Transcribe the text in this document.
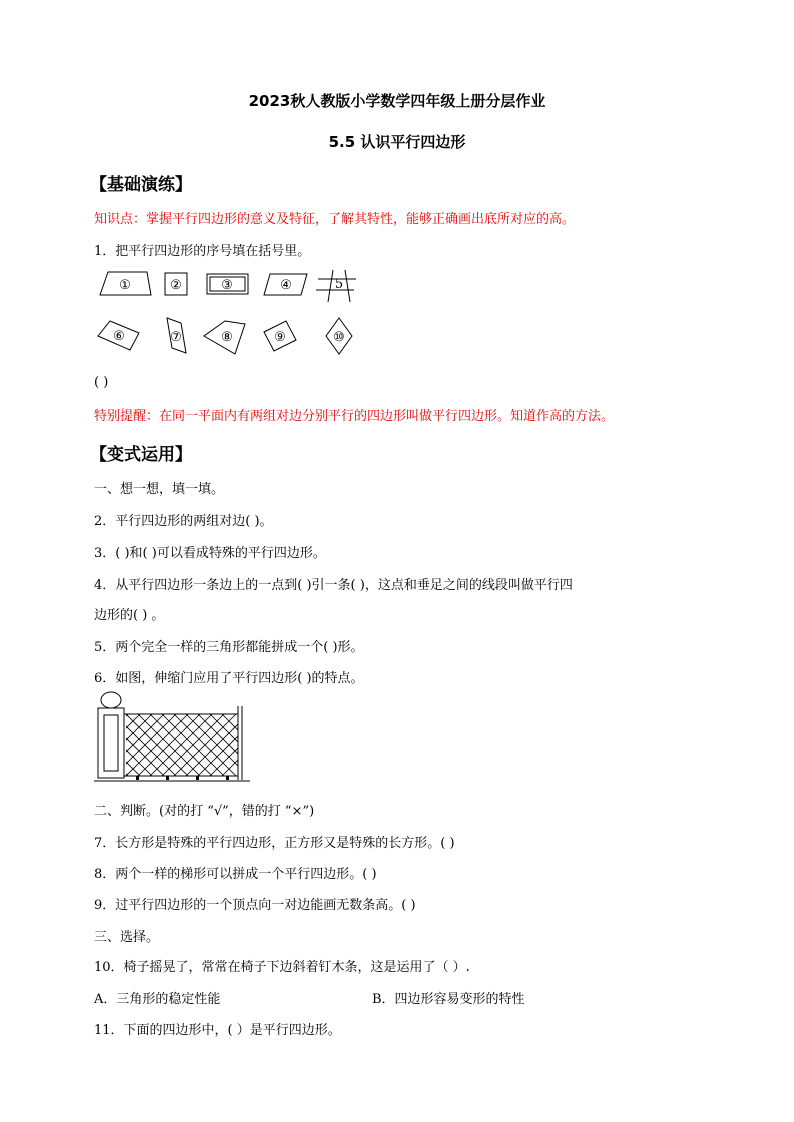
2023秋人教版小学数学四年级上册分层作业
5.5 认识平行四边形
【基础演练】
知识点：掌握平行四边形的意义及特征，了解其特性，能够正确画出底所对应的高。
1．把平行四边形的序号填在括号里。
①	②	③	④	5
⑥	⑦	⑧	⑨	⑩
( )
特别提醒：在同一平面内有两组对边分别平行的四边形叫做平行四边形。知道作高的方法。
【变式运用】
一、想一想，填一填。
2．平行四边形的两组对边( )。
3．( )和( )可以看成特殊的平行四边形。
4．从平行四边形一条边上的一点到( )引一条( )，这点和垂足之间的线段叫做平行四
边形的( ) 。
5．两个完全一样的三角形都能拼成一个( )形。
6．如图，伸缩门应用了平行四边形( )的特点。
二、判断。(对的打 “√”，错的打 “×”)
7．长方形是特殊的平行四边形，正方形又是特殊的长方形。( )
8．两个一样的梯形可以拼成一个平行四边形。( )
9．过平行四边形的一个顶点向一对边能画无数条高。( )
三、选择。
10．椅子摇晃了，常常在椅子下边斜着钉木条，这是运用了（ ）.
A．三角形的稳定性能	B．四边形容易变形的特性
11．下面的四边形中，( ）是平行四边形。
